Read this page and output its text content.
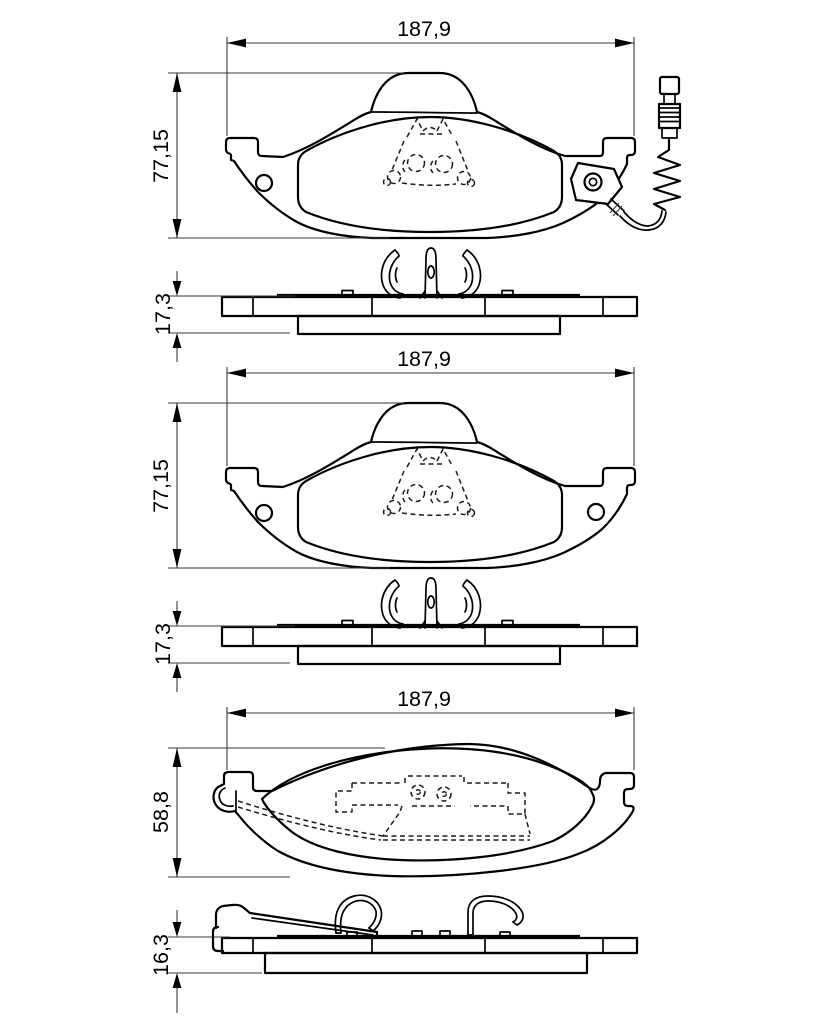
187,9
77,15
17,3
187,9
77,15
17,3
187,9
58,8
16,3
